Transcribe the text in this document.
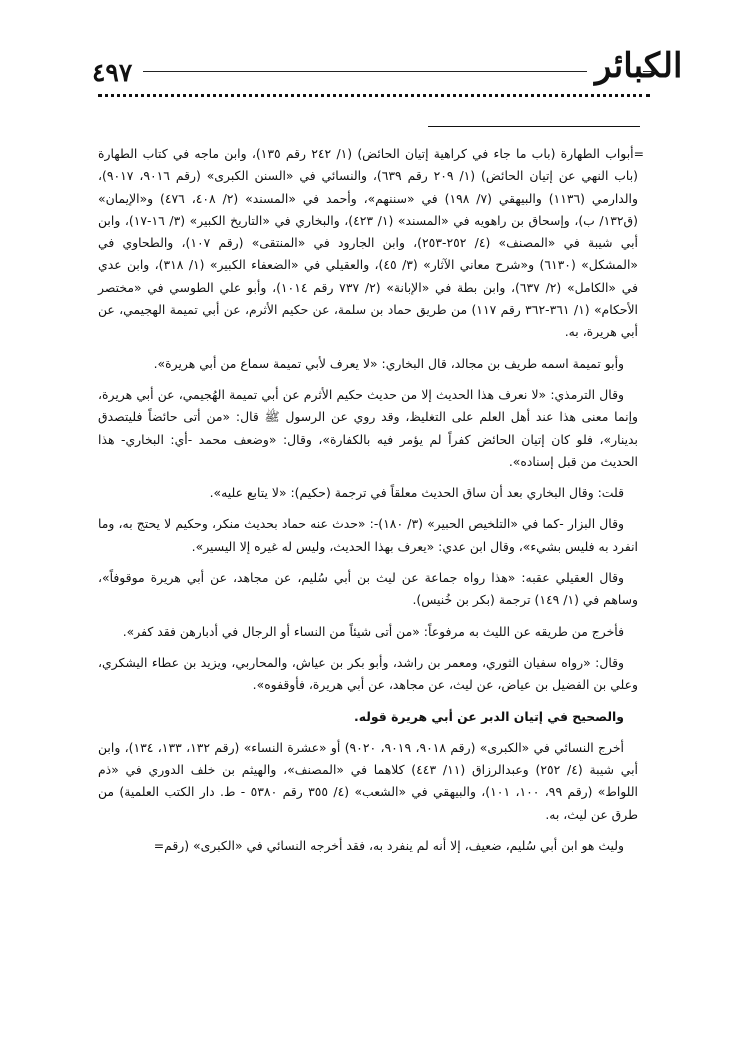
٤٩٧	الكبائر

=أبواب الطهارة (باب ما جاء في كراهية إتيان الحائض) (١/ ٢٤٢ رقم ١٣٥)، وابن ماجه في كتاب الطهارة (باب النهي عن إتيان الحائض) (١/ ٢٠٩ رقم ٦٣٩)، والنسائي في «السنن الكبرى» (رقم ٩٠١٦، ٩٠١٧)، والدارمي (١١٣٦) والبيهقي (٧/ ١٩٨) في «سننهم»، وأحمد في «المسند» (٢/ ٤٠٨، ٤٧٦) و«الإيمان» (ق١٣٢/ ب)، وإسحاق بن راهويه في «المسند» (١/ ٤٢٣)، والبخاري في «التاريخ الكبير» (٣/ ١٦-١٧)، وابن أبي شيبة في «المصنف» (٤/ ٢٥٢-٢٥٣)، وابن الجارود في «المنتقى» (رقم ١٠٧)، والطحاوي في «المشكل» (٦١٣٠) و«شرح معاني الآثار» (٣/ ٤٥)، والعقيلي في «الضعفاء الكبير» (١/ ٣١٨)، وابن عدي في «الكامل» (٢/ ٦٣٧)، وابن بطة في «الإبانة» (٢/ ٧٣٧ رقم ١٠١٤)، وأبو علي الطوسي في «مختصر الأحكام» (١/ ٣٦١-٣٦٢ رقم ١١٧) من طريق حماد بن سلمة، عن حكيم الأثرم، عن أبي تميمة الهجيمي، عن أبي هريرة، به.

وأبو تميمة اسمه طريف بن مجالد، قال البخاري: «لا يعرف لأبي تميمة سماع من أبي هريرة».

وقال الترمذي: «لا نعرف هذا الحديث إلا من حديث حكيم الأثرم عن أبي تميمة الهُجيمي، عن أبي هريرة، وإنما معنى هذا عند أهل العلم على التغليظ، وقد روي عن الرسول ﷺ قال: «من أتى حائضاً فليتصدق بدينار»، فلو كان إتيان الحائض كفراً لم يؤمر فيه بالكفارة»، وقال: «وضعف محمد -أي: البخاري- هذا الحديث من قبل إسناده».

قلت: وقال البخاري بعد أن ساق الحديث معلقاً في ترجمة (حكيم): «لا يتابع عليه».

وقال البزار -كما في «التلخيص الحبير» (٣/ ١٨٠)-: «حدث عنه حماد بحديث منكر، وحكيم لا يحتج به، وما انفرد به فليس بشيء»، وقال ابن عدي: «يعرف بهذا الحديث، وليس له غيره إلا اليسير».

وقال العقيلي عقبه: «هذا رواه جماعة عن ليث بن أبي سُليم، عن مجاهد، عن أبي هريرة موقوفاً»، وساهم في (١/ ١٤٩) ترجمة (بكر بن خُنيس).

فأخرج من طريقه عن الليث به مرفوعاً: «من أتى شيئاً من النساء أو الرجال في أدبارهن فقد كفر».

وقال: «رواه سفيان الثوري، ومعمر بن راشد، وأبو بكر بن عياش، والمحاربي، ويزيد بن عطاء اليشكري، وعلي بن الفضيل بن عياض، عن ليث، عن مجاهد، عن أبي هريرة، فأوقفوه».

والصحيح في إتيان الدبر عن أبي هريرة قوله.

أخرج النسائي في «الكبرى» (رقم ٩٠١٨، ٩٠١٩، ٩٠٢٠) أو «عشرة النساء» (رقم ١٣٢، ١٣٣، ١٣٤)، وابن أبي شيبة (٤/ ٢٥٢) وعبدالرزاق (١١/ ٤٤٣) كلاهما في «المصنف»، والهيثم بن خلف الدوري في «ذم اللواط» (رقم ٩٩، ١٠٠، ١٠١)، والبيهقي في «الشعب» (٤/ ٣٥٥ رقم ٥٣٨٠ - ط. دار الكتب العلمية) من طرق عن ليث، به.

وليث هو ابن أبي سُليم، ضعيف، إلا أنه لم ينفرد به، فقد أخرجه النسائي في «الكبرى» (رقم=
